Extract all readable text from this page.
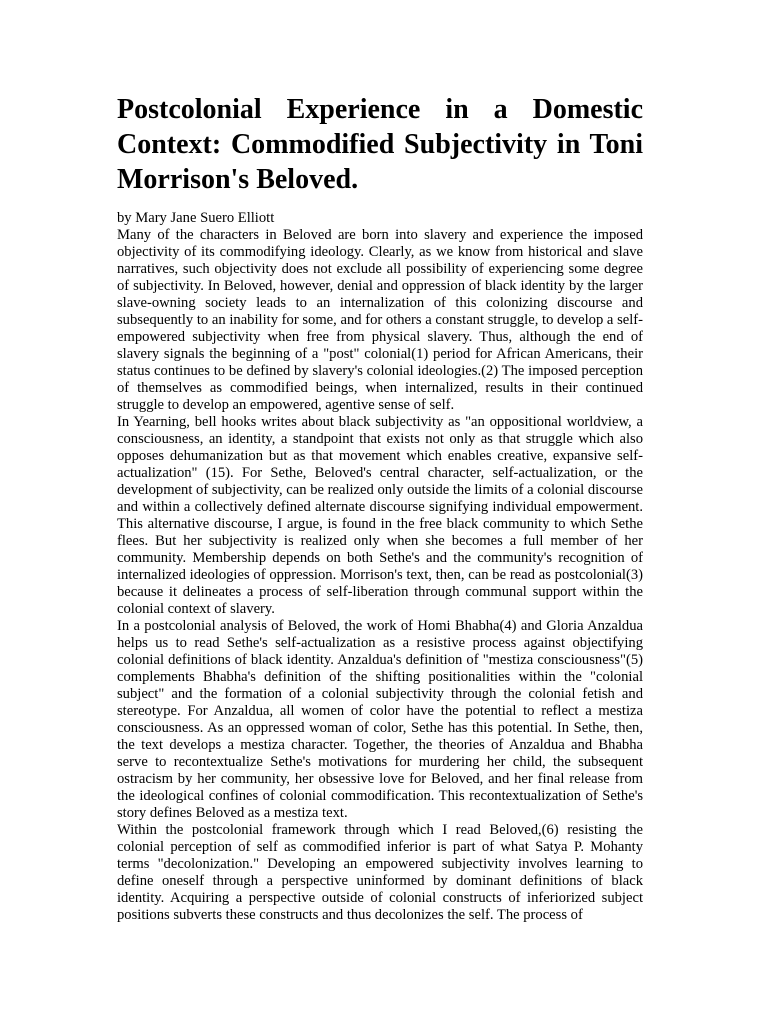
Postcolonial Experience in a Domestic Context: Commodified Subjectivity in Toni Morrison's Beloved.

by Mary Jane Suero Elliott

Many of the characters in Beloved are born into slavery and experience the imposed objectivity of its commodifying ideology. Clearly, as we know from historical and slave narratives, such objectivity does not exclude all possibility of experiencing some degree of subjectivity. In Beloved, however, denial and oppression of black identity by the larger slave-owning society leads to an internalization of this colonizing discourse and subsequently to an inability for some, and for others a constant struggle, to develop a self-empowered subjectivity when free from physical slavery. Thus, although the end of slavery signals the beginning of a "post" colonial(1) period for African Americans, their status continues to be defined by slavery's colonial ideologies.(2) The imposed perception of themselves as commodified beings, when internalized, results in their continued struggle to develop an empowered, agentive sense of self.

In Yearning, bell hooks writes about black subjectivity as "an oppositional worldview, a consciousness, an identity, a standpoint that exists not only as that struggle which also opposes dehumanization but as that movement which enables creative, expansive self-actualization" (15). For Sethe, Beloved's central character, self-actualization, or the development of subjectivity, can be realized only outside the limits of a colonial discourse and within a collectively defined alternate discourse signifying individual empowerment. This alternative discourse, I argue, is found in the free black community to which Sethe flees. But her subjectivity is realized only when she becomes a full member of her community. Membership depends on both Sethe's and the community's recognition of internalized ideologies of oppression. Morrison's text, then, can be read as postcolonial(3) because it delineates a process of self-liberation through communal support within the colonial context of slavery.

In a postcolonial analysis of Beloved, the work of Homi Bhabha(4) and Gloria Anzaldua helps us to read Sethe's self-actualization as a resistive process against objectifying colonial definitions of black identity. Anzaldua's definition of "mestiza consciousness"(5) complements Bhabha's definition of the shifting positionalities within the "colonial subject" and the formation of a colonial subjectivity through the colonial fetish and stereotype. For Anzaldua, all women of color have the potential to reflect a mestiza consciousness. As an oppressed woman of color, Sethe has this potential. In Sethe, then, the text develops a mestiza character. Together, the theories of Anzaldua and Bhabha serve to recontextualize Sethe's motivations for murdering her child, the subsequent ostracism by her community, her obsessive love for Beloved, and her final release from the ideological confines of colonial commodification. This recontextualization of Sethe's story defines Beloved as a mestiza text.

Within the postcolonial framework through which I read Beloved,(6) resisting the colonial perception of self as commodified inferior is part of what Satya P. Mohanty terms "decolonization." Developing an empowered subjectivity involves learning to define oneself through a perspective uninformed by dominant definitions of black identity. Acquiring a perspective outside of colonial constructs of inferiorized subject positions subverts these constructs and thus decolonizes the self. The process of
